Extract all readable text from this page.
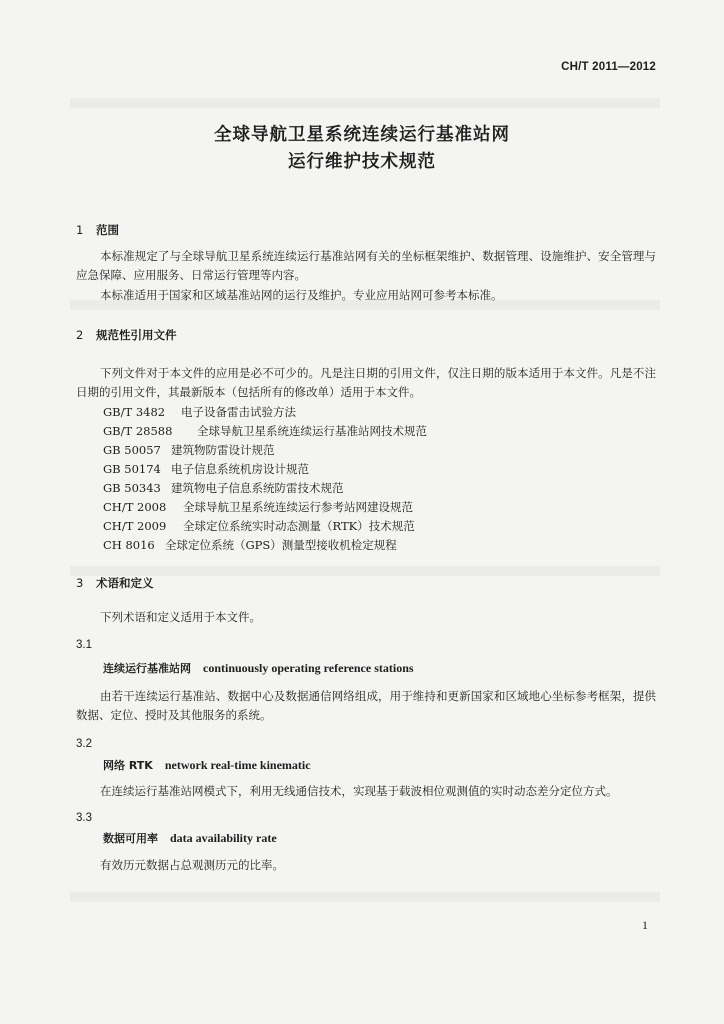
CH/T 2011—2012
全球导航卫星系统连续运行基准站网
运行维护技术规范
1 范围
本标准规定了与全球导航卫星系统连续运行基准站网有关的坐标框架维护、数据管理、设施维护、安全管理与应急保障、应用服务、日常运行管理等内容。
本标准适用于国家和区域基准站网的运行及维护。专业应用站网可参考本标准。
2 规范性引用文件
下列文件对于本文件的应用是必不可少的。凡是注日期的引用文件，仅注日期的版本适用于本文件。凡是不注日期的引用文件，其最新版本（包括所有的修改单）适用于本文件。
GB/T 3482 电子设备雷击试验方法
GB/T 28588 全球导航卫星系统连续运行基准站网技术规范
GB 50057 建筑物防雷设计规范
GB 50174 电子信息系统机房设计规范
GB 50343 建筑物电子信息系统防雷技术规范
CH/T 2008 全球导航卫星系统连续运行参考站网建设规范
CH/T 2009 全球定位系统实时动态测量（RTK）技术规范
CH 8016 全球定位系统（GPS）测量型接收机检定规程
3 术语和定义
下列术语和定义适用于本文件。
3.1
连续运行基准站网 continuously operating reference stations
由若干连续运行基准站、数据中心及数据通信网络组成，用于维持和更新国家和区域地心坐标参考框架，提供数据、定位、授时及其他服务的系统。
3.2
网络 RTK network real-time kinematic
在连续运行基准站网模式下，利用无线通信技术，实现基于载波相位观测值的实时动态差分定位方式。
3.3
数据可用率 data availability rate
有效历元数据占总观测历元的比率。
1
